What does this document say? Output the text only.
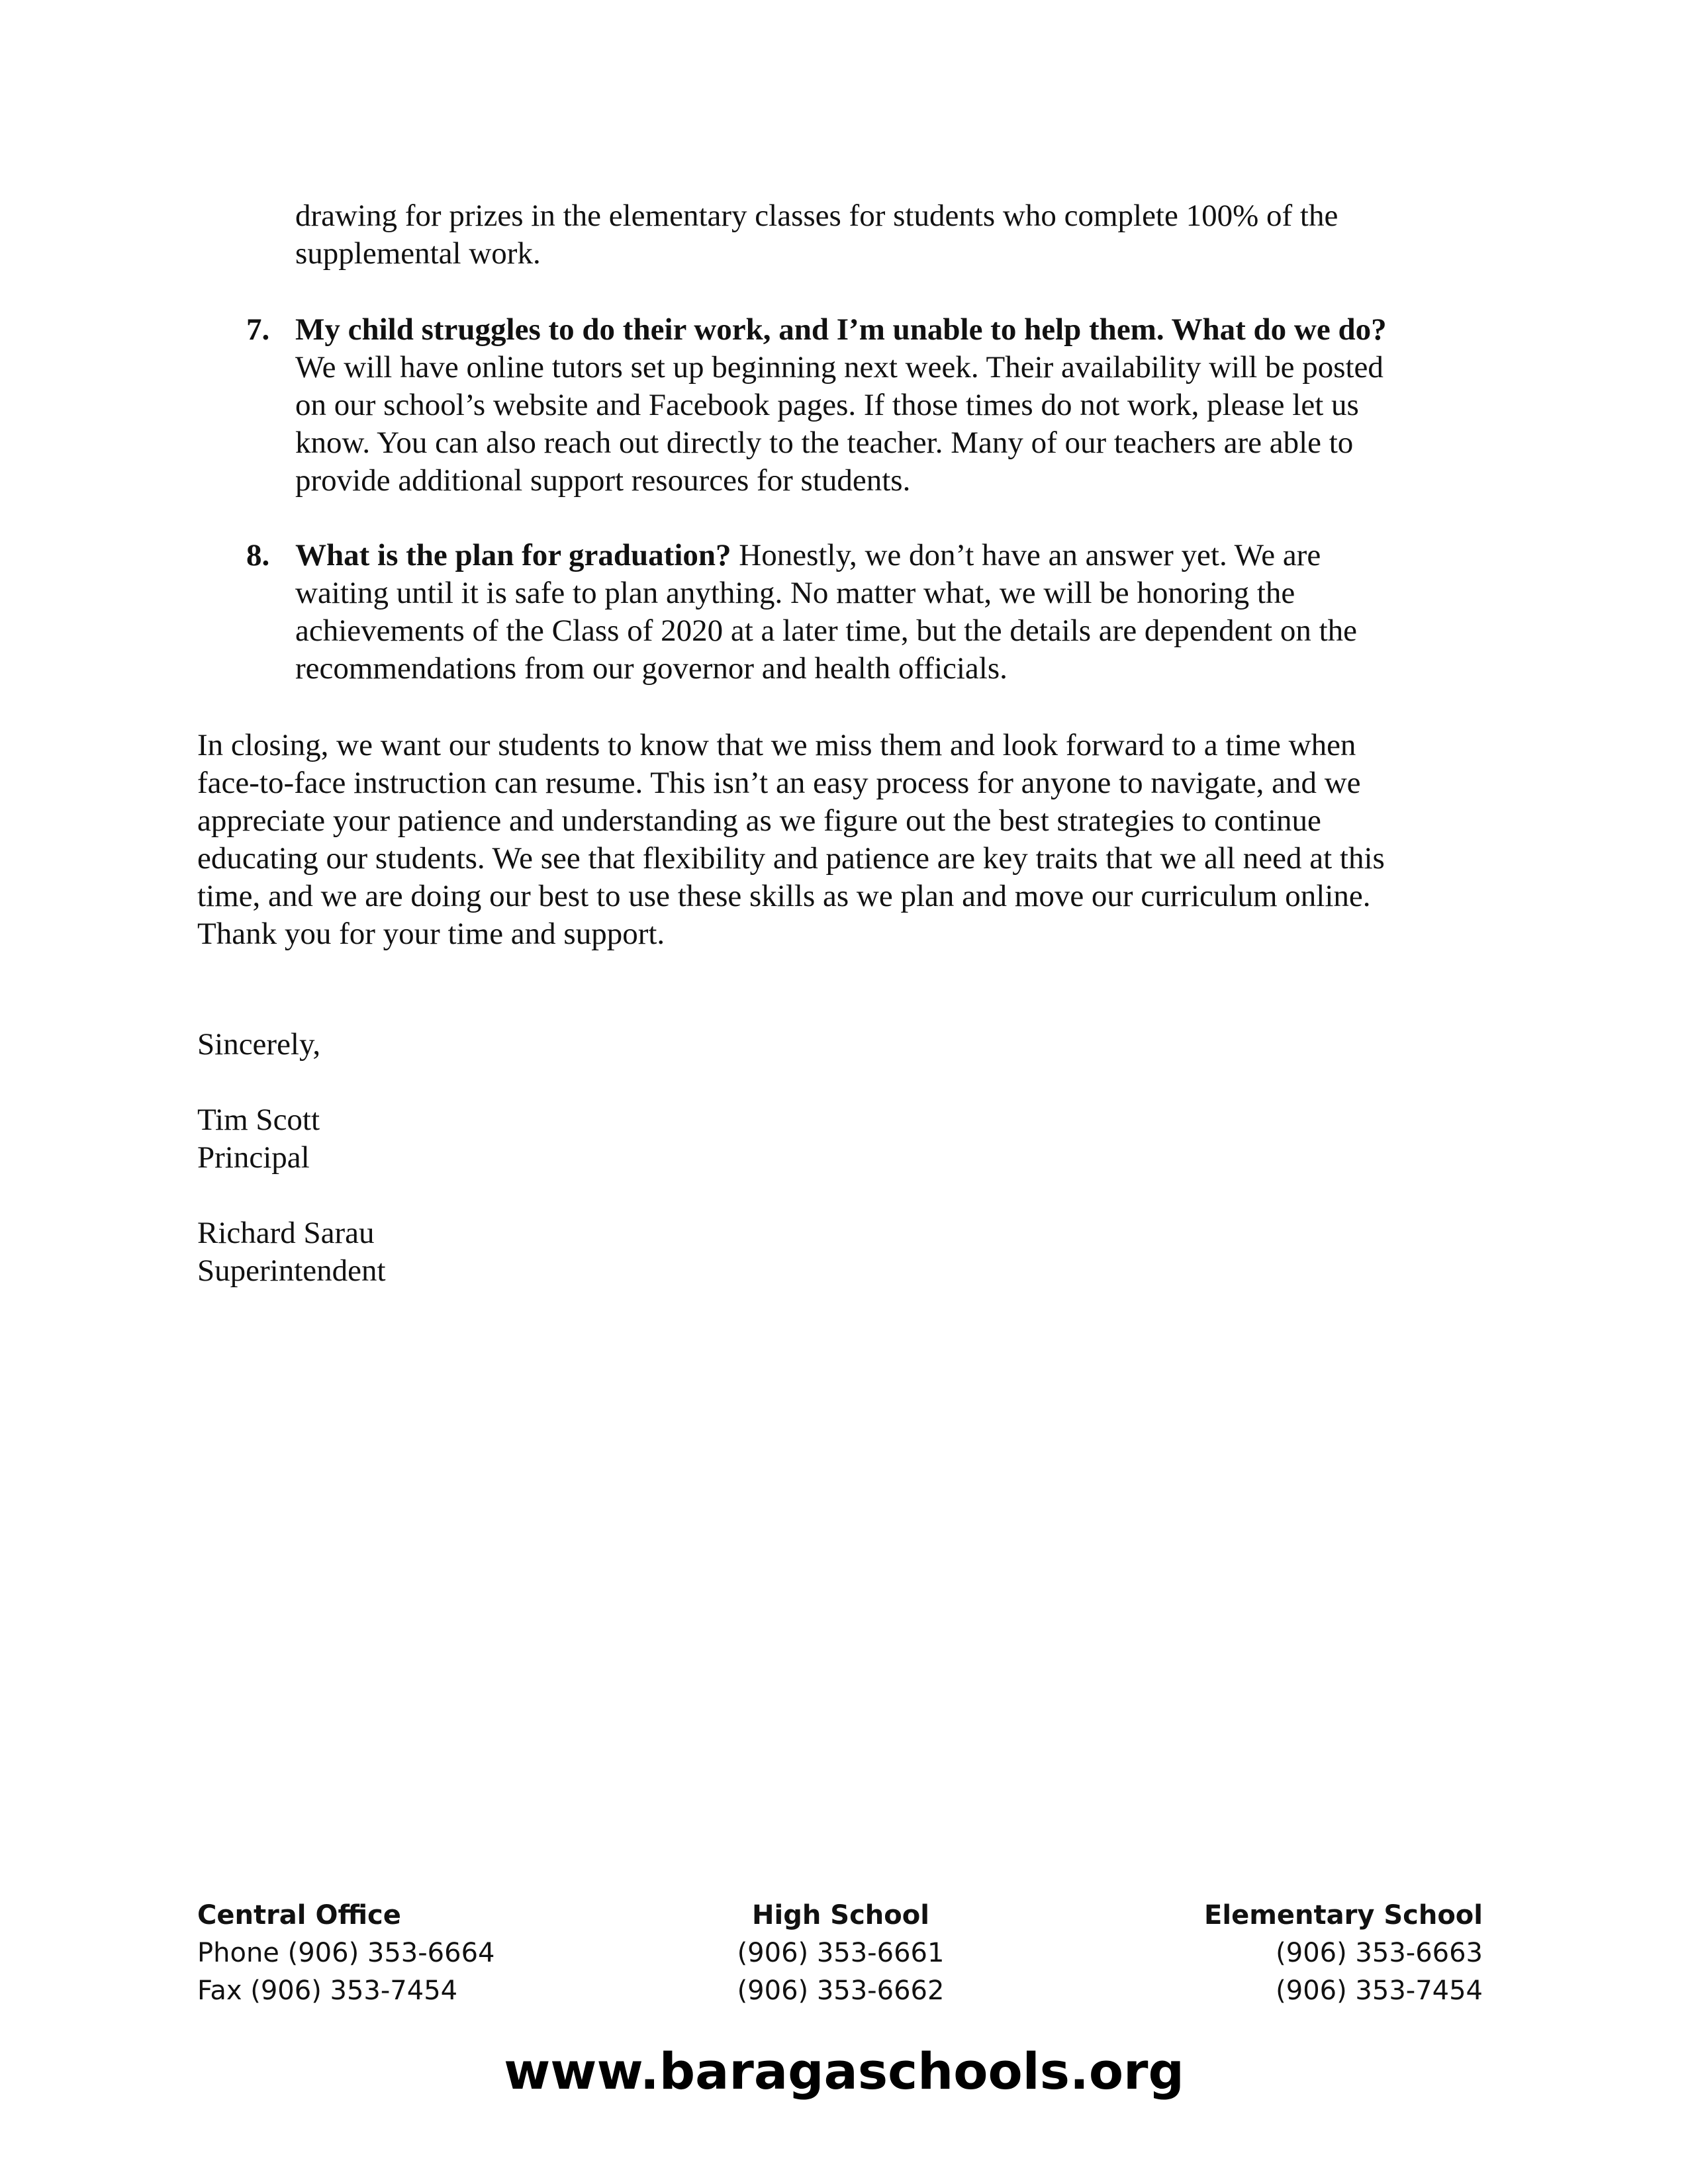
drawing for prizes in the elementary classes for students who complete 100% of the

supplemental work.

7. My child struggles to do their work, and I’m unable to help them. What do we do?

We will have online tutors set up beginning next week. Their availability will be posted

on our school’s website and Facebook pages. If those times do not work, please let us

know. You can also reach out directly to the teacher. Many of our teachers are able to

provide additional support resources for students.

8. What is the plan for graduation? Honestly, we don’t have an answer yet. We are

waiting until it is safe to plan anything. No matter what, we will be honoring the

achievements of the Class of 2020 at a later time, but the details are dependent on the

recommendations from our governor and health officials.

In closing, we want our students to know that we miss them and look forward to a time when

face-to-face instruction can resume. This isn’t an easy process for anyone to navigate, and we

appreciate your patience and understanding as we figure out the best strategies to continue

educating our students. We see that flexibility and patience are key traits that we all need at this

time, and we are doing our best to use these skills as we plan and move our curriculum online.

Thank you for your time and support.

Sincerely,

Tim Scott

Principal

Richard Sarau

Superintendent

Central Office
Phone (906) 353-6664
Fax (906) 353-7454
High School
(906) 353-6661
(906) 353-6662
Elementary School
(906) 353-6663
(906) 353-7454
www.baragaschools.org
